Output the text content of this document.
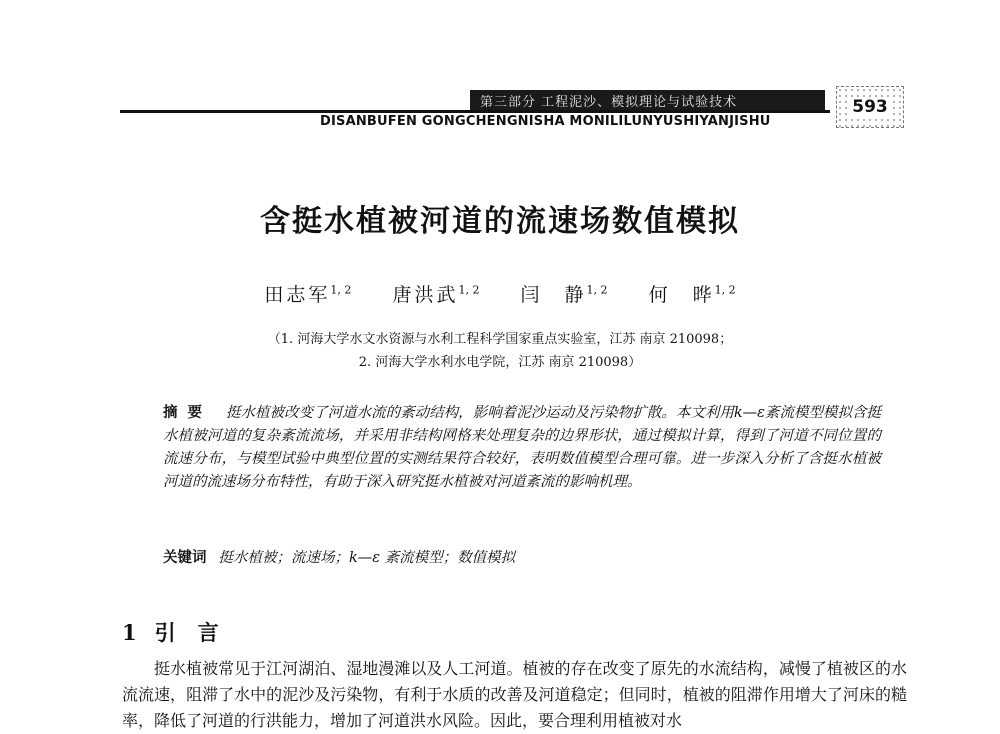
第三部分 工程泥沙、模拟理论与试验技术
DISANBUFEN GONGCHENGNISHA MONILILUNYUSHIYANJISHU
593
含挺水植被河道的流速场数值模拟
田志军$^{1, 2}$ 唐洪武$^{1, 2}$ 闫　静$^{1, 2}$ 何　晔$^{1, 2}$
（1. 河海大学水文水资源与水利工程科学国家重点实验室，江苏 南京 210098；
2. 河海大学水利水电学院，江苏 南京 210098）
摘要 挺水植被改变了河道水流的紊动结构，影响着泥沙运动及污染物扩散。本文利用k—ε紊流模型模拟含挺水植被河道的复杂紊流流场，并采用非结构网格来处理复杂的边界形状，通过模拟计算，得到了河道不同位置的流速分布，与模型试验中典型位置的实测结果符合较好，表明数值模型合理可靠。进一步深入分析了含挺水植被河道的流速场分布特性，有助于深入研究挺水植被对河道紊流的影响机理。
关键词 挺水植被；流速场；k—ε 紊流模型；数值模拟
1 引言

挺水植被常见于江河湖泊、湿地漫滩以及人工河道。植被的存在改变了原先的水流结构，减慢了植被区的水流流速，阻滞了水中的泥沙及污染物，有利于水质的改善及河道稳定；但同时，植被的阻滞作用增大了河床的糙率，降低了河道的行洪能力，增加了河道洪水风险。因此，要合理利用植被对水
